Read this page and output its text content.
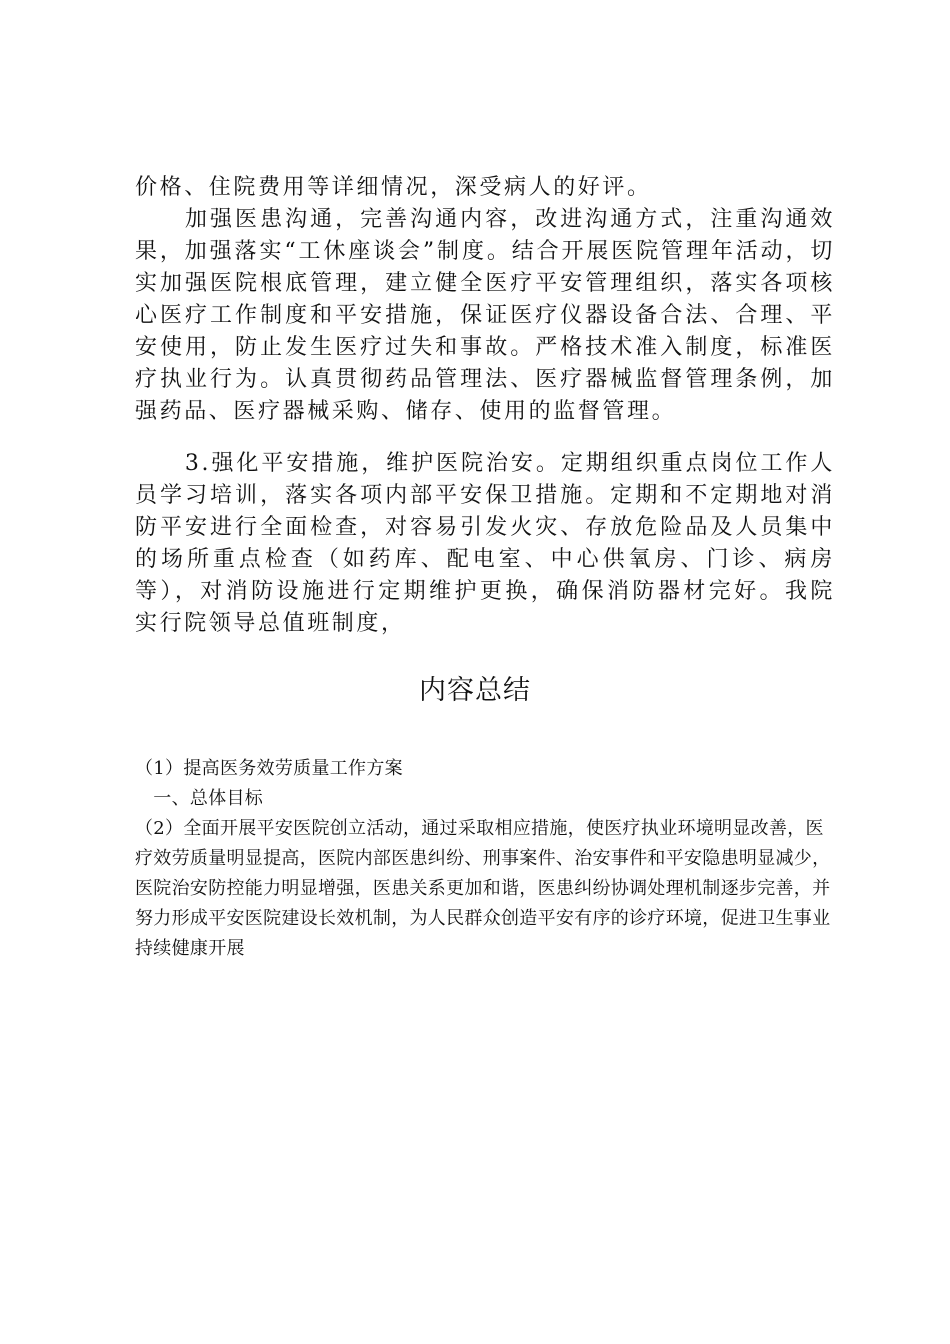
价格、住院费用等详细情况，深受病人的好评。

　　加强医患沟通，完善沟通内容，改进沟通方式，注重沟通效果，加强落实“工休座谈会”制度。结合开展医院管理年活动，切实加强医院根底管理，建立健全医疗平安管理组织，落实各项核心医疗工作制度和平安措施，保证医疗仪器设备合法、合理、平安使用，防止发生医疗过失和事故。严格技术准入制度，标准医疗执业行为。认真贯彻药品管理法、医疗器械监督管理条例，加强药品、医疗器械采购、储存、使用的监督管理。

　　3.强化平安措施，维护医院治安。定期组织重点岗位工作人员学习培训，落实各项内部平安保卫措施。定期和不定期地对消防平安进行全面检查，对容易引发火灾、存放危险品及人员集中的场所重点检查（如药库、配电室、中心供氧房、门诊、病房等），对消防设施进行定期维护更换，确保消防器材完好。我院实行院领导总值班制度，

内容总结

（1）提高医务效劳质量工作方案

　一、总体目标

（2）全面开展平安医院创立活动，通过采取相应措施，使医疗执业环境明显改善，医疗效劳质量明显提高，医院内部医患纠纷、刑事案件、治安事件和平安隐患明显减少，医院治安防控能力明显增强，医患关系更加和谐，医患纠纷协调处理机制逐步完善，并努力形成平安医院建设长效机制，为人民群众创造平安有序的诊疗环境，促进卫生事业持续健康开展
